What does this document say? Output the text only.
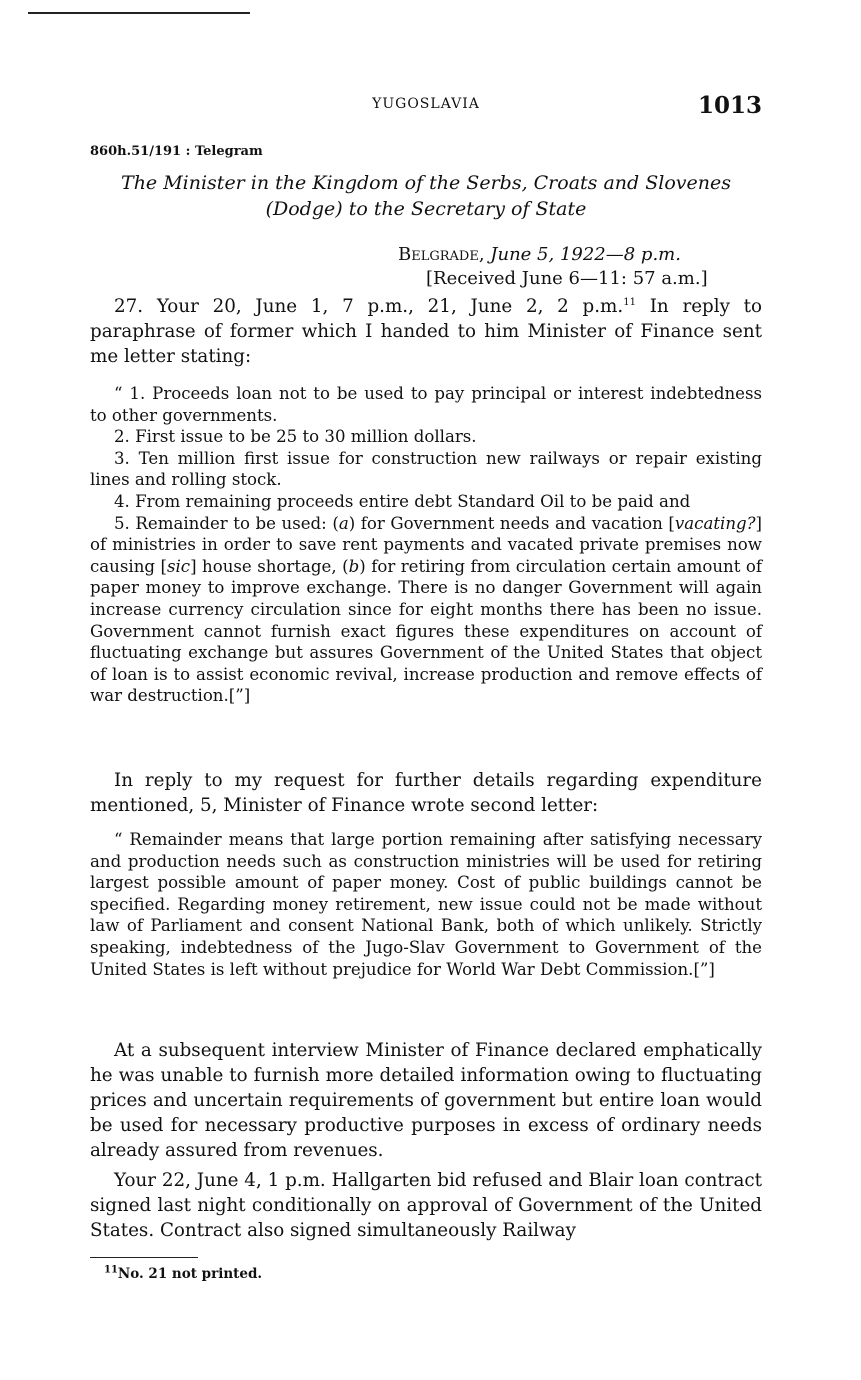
YUGOSLAVIA	1013
860h.51/191 : Telegram
The Minister in the Kingdom of the Serbs, Croats and Slovenes
(Dodge) to the Secretary of State
Belgrade, June 5, 1922—8 p.m.
[Received June 6—11: 57 a.m.]

27. Your 20, June 1, 7 p.m., 21, June 2, 2 p.m.$^{11}$ In reply to paraphrase of former which I handed to him Minister of Finance sent me letter stating:

“ 1. Proceeds loan not to be used to pay principal or interest indebtedness to other governments.
2. First issue to be 25 to 30 million dollars.
3. Ten million first issue for construction new railways or repair existing lines and rolling stock.
4. From remaining proceeds entire debt Standard Oil to be paid and
5. Remainder to be used: (a) for Government needs and vacation [vacating?] of ministries in order to save rent payments and vacated private premises now causing [sic] house shortage, (b) for retiring from circulation certain amount of paper money to improve exchange. There is no danger Government will again increase currency circulation since for eight months there has been no issue. Government cannot furnish exact figures these expenditures on account of fluctuating exchange but assures Government of the United States that object of loan is to assist economic revival, increase production and remove effects of war destruction.[”]

In reply to my request for further details regarding expenditure mentioned, 5, Minister of Finance wrote second letter:

“ Remainder means that large portion remaining after satisfying necessary and production needs such as construction ministries will be used for retiring largest possible amount of paper money. Cost of public buildings cannot be specified. Regarding money retirement, new issue could not be made without law of Parliament and consent National Bank, both of which unlikely. Strictly speaking, indebtedness of the Jugo-Slav Government to Government of the United States is left without prejudice for World War Debt Commission.[”]

At a subsequent interview Minister of Finance declared emphatically he was unable to furnish more detailed information owing to fluctuating prices and uncertain requirements of government but entire loan would be used for necessary productive purposes in excess of ordinary needs already assured from revenues.

Your 22, June 4, 1 p.m. Hallgarten bid refused and Blair loan contract signed last night conditionally on approval of Government of the United States. Contract also signed simultaneously Railway

$^{11}$No. 21 not printed.
